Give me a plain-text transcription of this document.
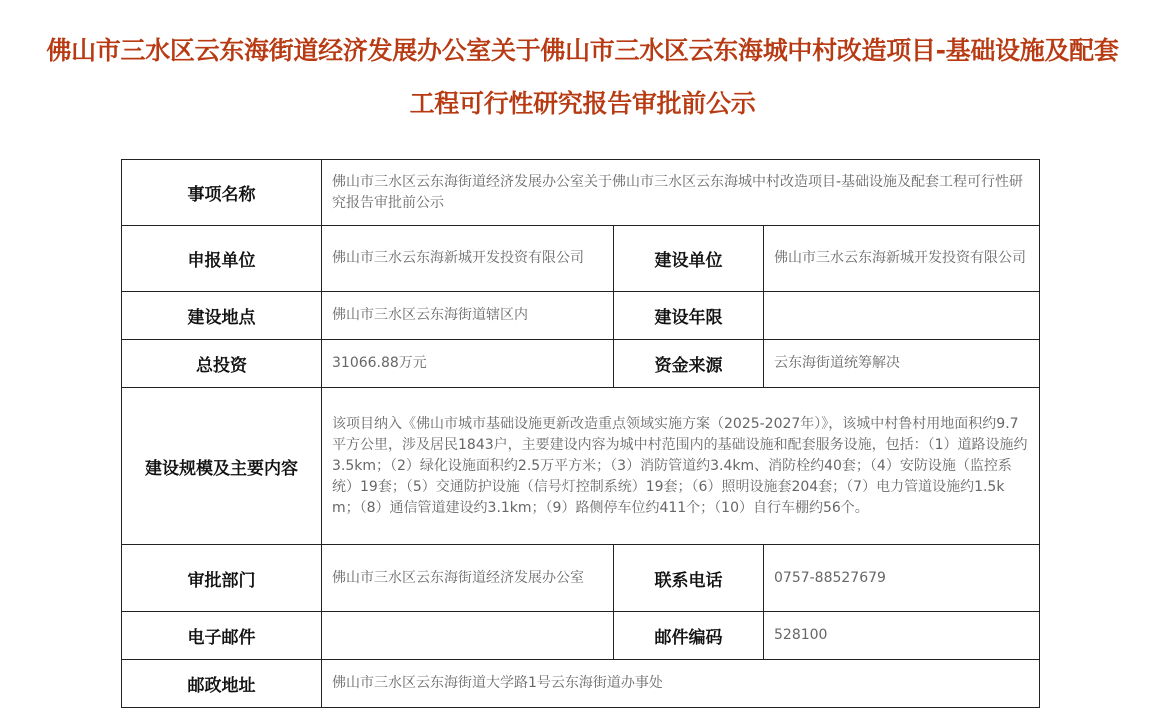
佛山市三水区云东海街道经济发展办公室关于佛山市三水区云东海城中村改造项目-基础设施及配套
工程可行性研究报告审批前公示
事项名称	佛山市三水区云东海街道经济发展办公室关于佛山市三水区云东海城中村改造项目-基础设施及配套工程可行性研究报告审批前公示		

申报单位	佛山市三水云东海新城开发投资有限公司	建设单位	佛山市三水云东海新城开发投资有限公司

建设地点	佛山市三水区云东海街道辖区内	建设年限	

总投资	31066.88万元	资金来源	云东海街道统筹解决

建设规模及主要内容	该项目纳入《佛山市城市基础设施更新改造重点领域实施方案（2025-2027年）》，该城中村鲁村用地面积约9.7平方公里，涉及居民1843户，主要建设内容为城中村范围内的基础设施和配套服务设施，包括：（1）道路设施约3.5km；（2）绿化设施面积约2.5万平方米；（3）消防管道约3.4km、消防栓约40套；（4）安防设施（监控系统）19套；（5）交通防护设施（信号灯控制系统）19套；（6）照明设施套204套；（7）电力管道设施约1.5km；（8）通信管道建设约3.1km；（9）路侧停车位约411个；（10）自行车棚约56个。		

审批部门	佛山市三水区云东海街道经济发展办公室	联系电话	0757-88527679

电子邮件		邮件编码	528100

邮政地址	佛山市三水区云东海街道大学路1号云东海街道办事处		
